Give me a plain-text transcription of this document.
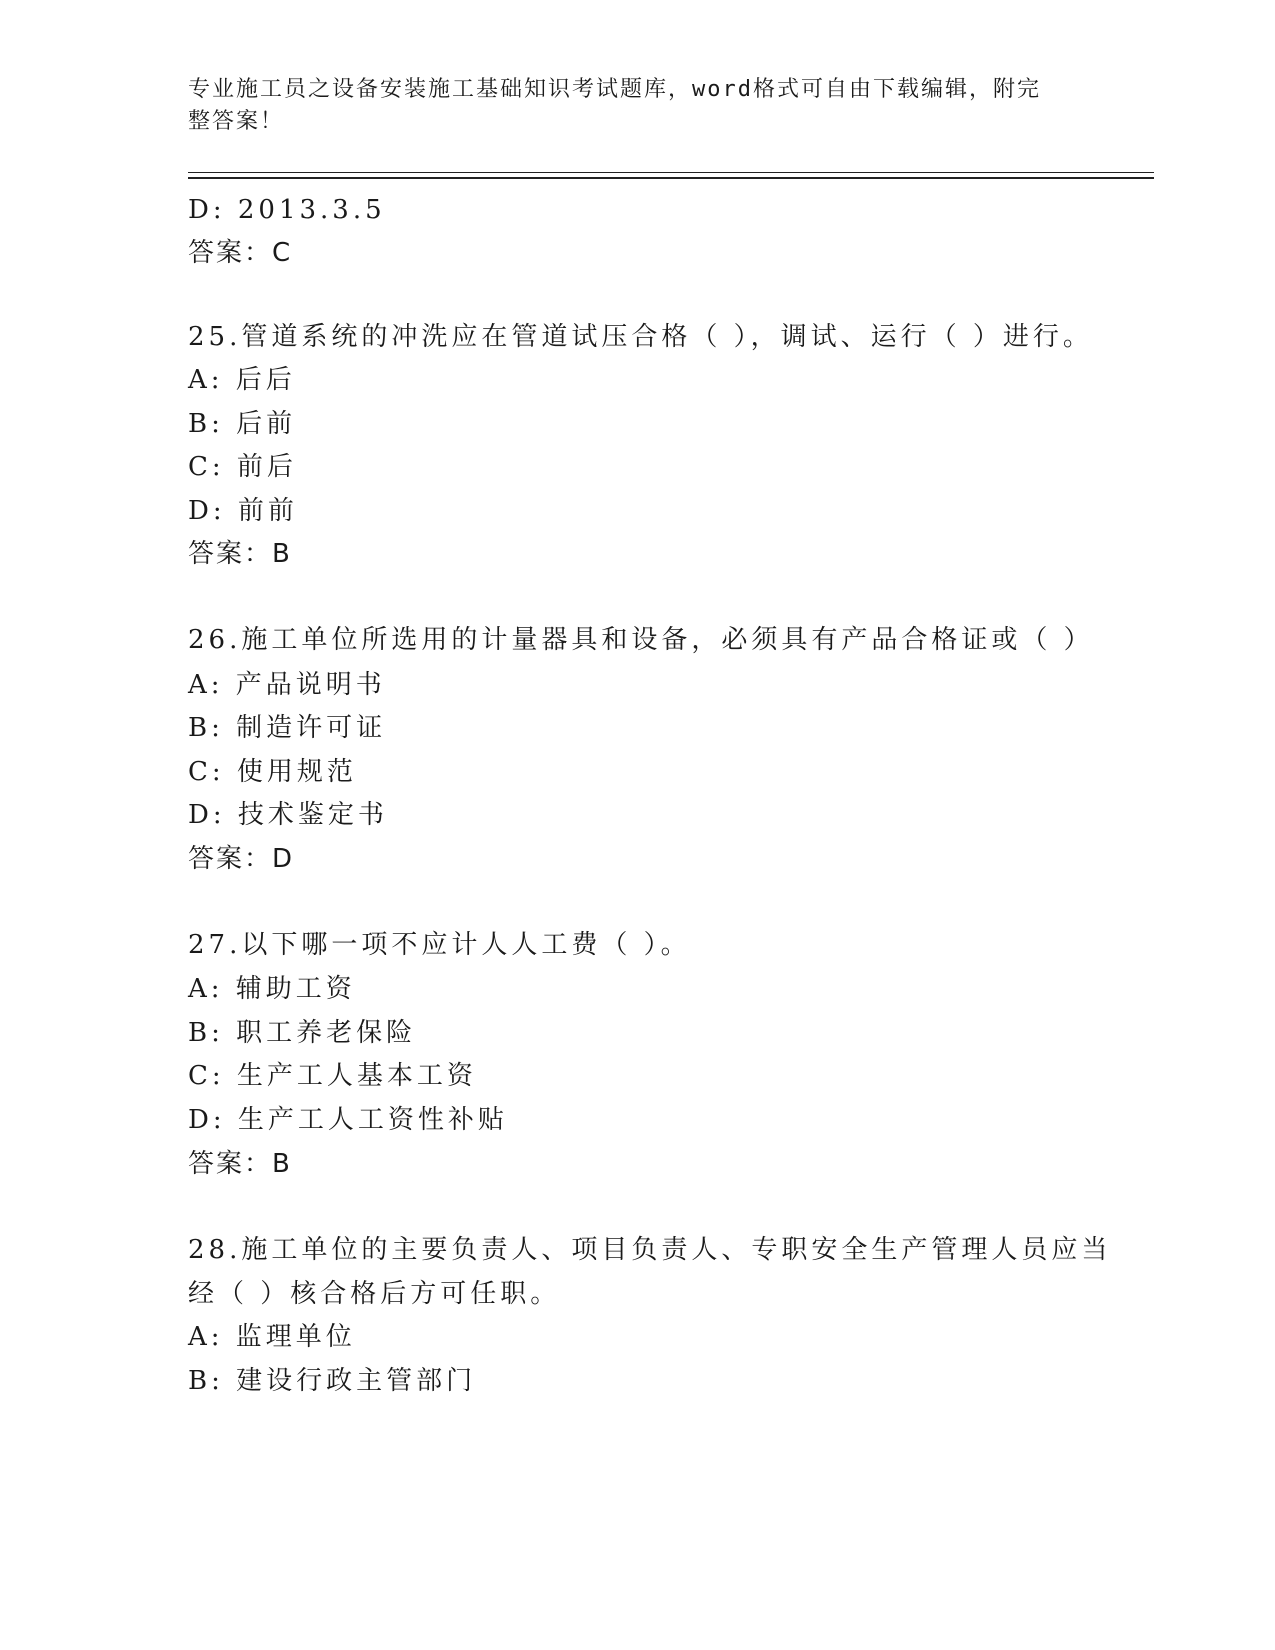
专业施工员之设备安装施工基础知识考试题库，word格式可自由下载编辑，附完
整答案！
D: 2013.3.5
答案：C
25.管道系统的冲洗应在管道试压合格（ ），调试、运行（ ）进行。
A: 后后
B: 后前
C: 前后
D: 前前
答案：B
26.施工单位所选用的计量器具和设备，必须具有产品合格证或（ ）
A: 产品说明书
B: 制造许可证
C: 使用规范
D: 技术鉴定书
答案：D
27.以下哪一项不应计人人工费（ ）。
A: 辅助工资
B: 职工养老保险
C: 生产工人基本工资
D: 生产工人工资性补贴
答案：B
28.施工单位的主要负责人、项目负责人、专职安全生产管理人员应当
经（ ）核合格后方可任职。
A: 监理单位
B: 建设行政主管部门
